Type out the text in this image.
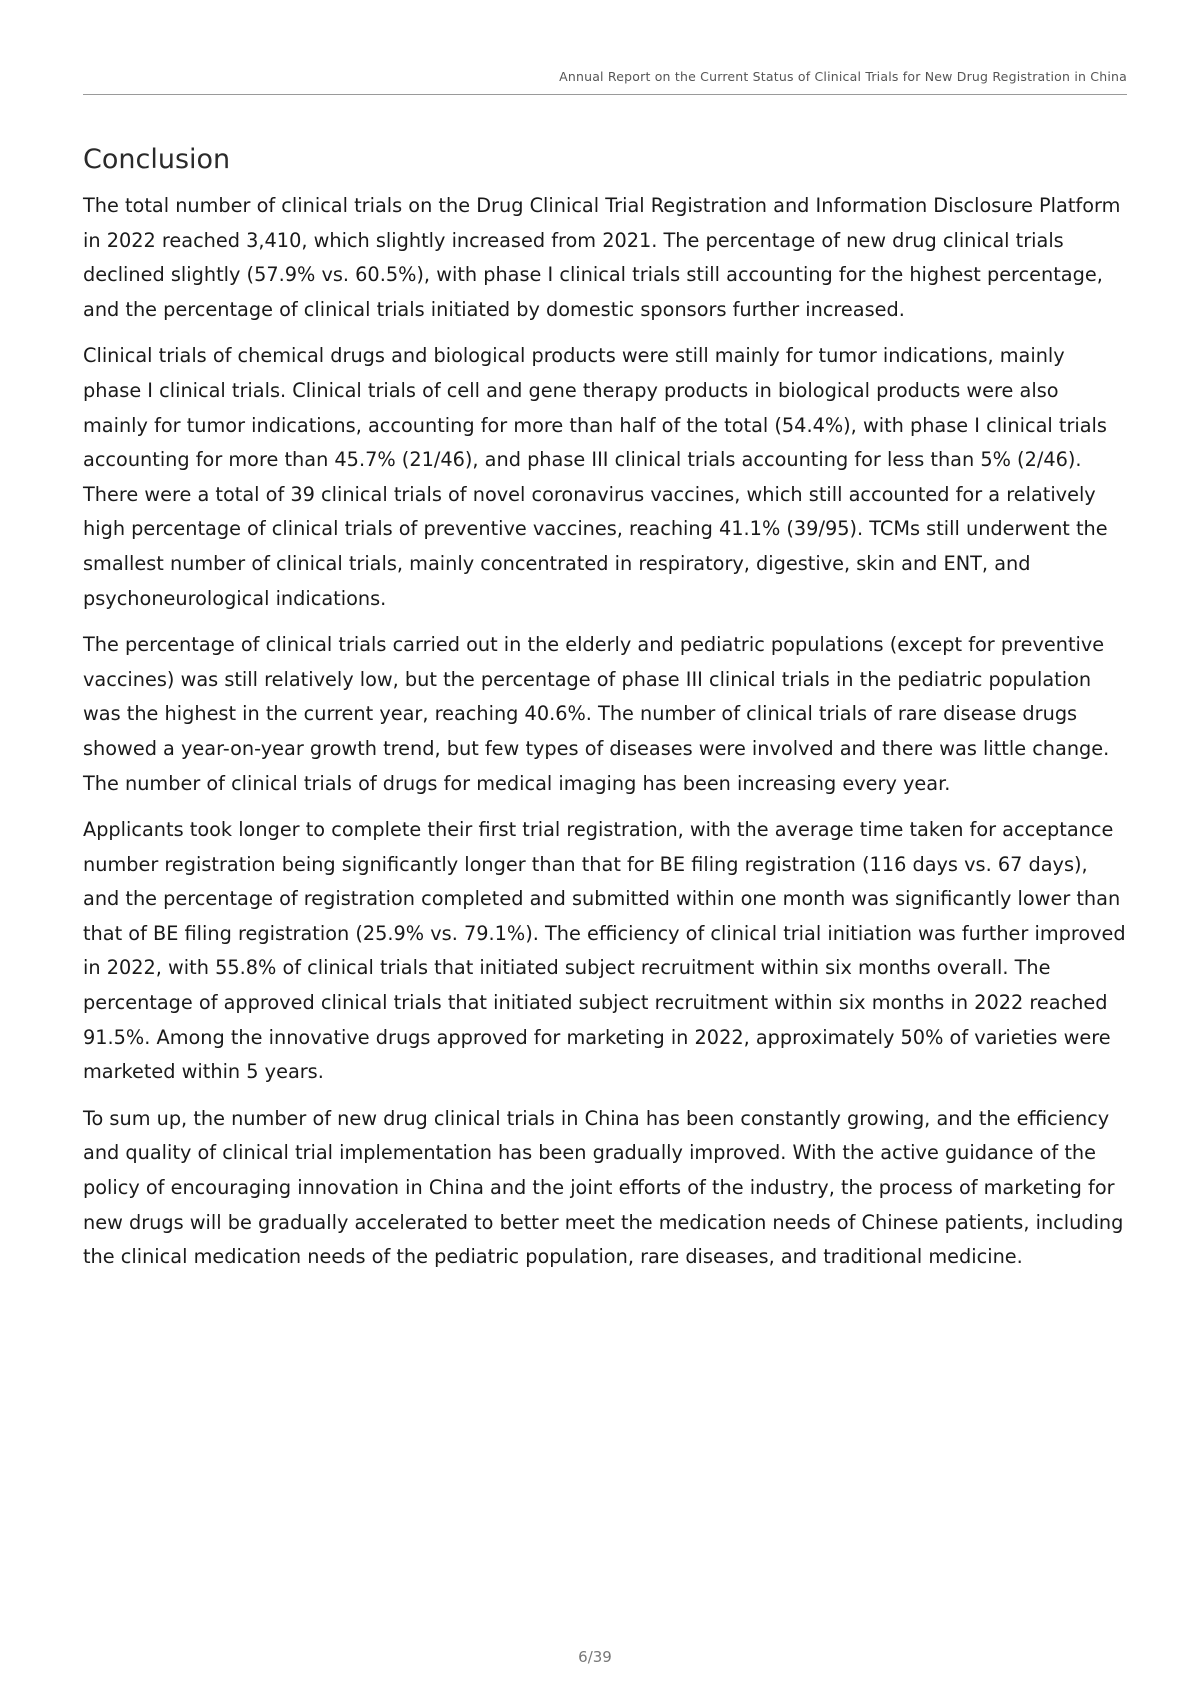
Annual Report on the Current Status of Clinical Trials for New Drug Registration in China
Conclusion

The total number of clinical trials on the Drug Clinical Trial Registration and Information Disclosure Platform in 2022 reached 3,410, which slightly increased from 2021. The percentage of new drug clinical trials declined slightly (57.9% vs. 60.5%), with phase I clinical trials still accounting for the highest percentage, and the percentage of clinical trials initiated by domestic sponsors further increased.

Clinical trials of chemical drugs and biological products were still mainly for tumor indications, mainly phase I clinical trials. Clinical trials of cell and gene therapy products in biological products were also mainly for tumor indications, accounting for more than half of the total (54.4%), with phase I clinical trials accounting for more than 45.7% (21/46), and phase III clinical trials accounting for less than 5% (2/46). There were a total of 39 clinical trials of novel coronavirus vaccines, which still accounted for a relatively high percentage of clinical trials of preventive vaccines, reaching 41.1% (39/95). TCMs still underwent the smallest number of clinical trials, mainly concentrated in respiratory, digestive, skin and ENT, and psychoneurological indications.

The percentage of clinical trials carried out in the elderly and pediatric populations (except for preventive vaccines) was still relatively low, but the percentage of phase III clinical trials in the pediatric population was the highest in the current year, reaching 40.6%. The number of clinical trials of rare disease drugs showed a year-on-year growth trend, but few types of diseases were involved and there was little change. The number of clinical trials of drugs for medical imaging has been increasing every year.

Applicants took longer to complete their first trial registration, with the average time taken for acceptance number registration being significantly longer than that for BE filing registration (116 days vs. 67 days), and the percentage of registration completed and submitted within one month was significantly lower than that of BE filing registration (25.9% vs. 79.1%). The efficiency of clinical trial initiation was further improved in 2022, with 55.8% of clinical trials that initiated subject recruitment within six months overall. The percentage of approved clinical trials that initiated subject recruitment within six months in 2022 reached 91.5%. Among the innovative drugs approved for marketing in 2022, approximately 50% of varieties were marketed within 5 years.

To sum up, the number of new drug clinical trials in China has been constantly growing, and the efficiency and quality of clinical trial implementation has been gradually improved. With the active guidance of the policy of encouraging innovation in China and the joint efforts of the industry, the process of marketing for new drugs will be gradually accelerated to better meet the medication needs of Chinese patients, including the clinical medication needs of the pediatric population, rare diseases, and traditional medicine.

6/39
